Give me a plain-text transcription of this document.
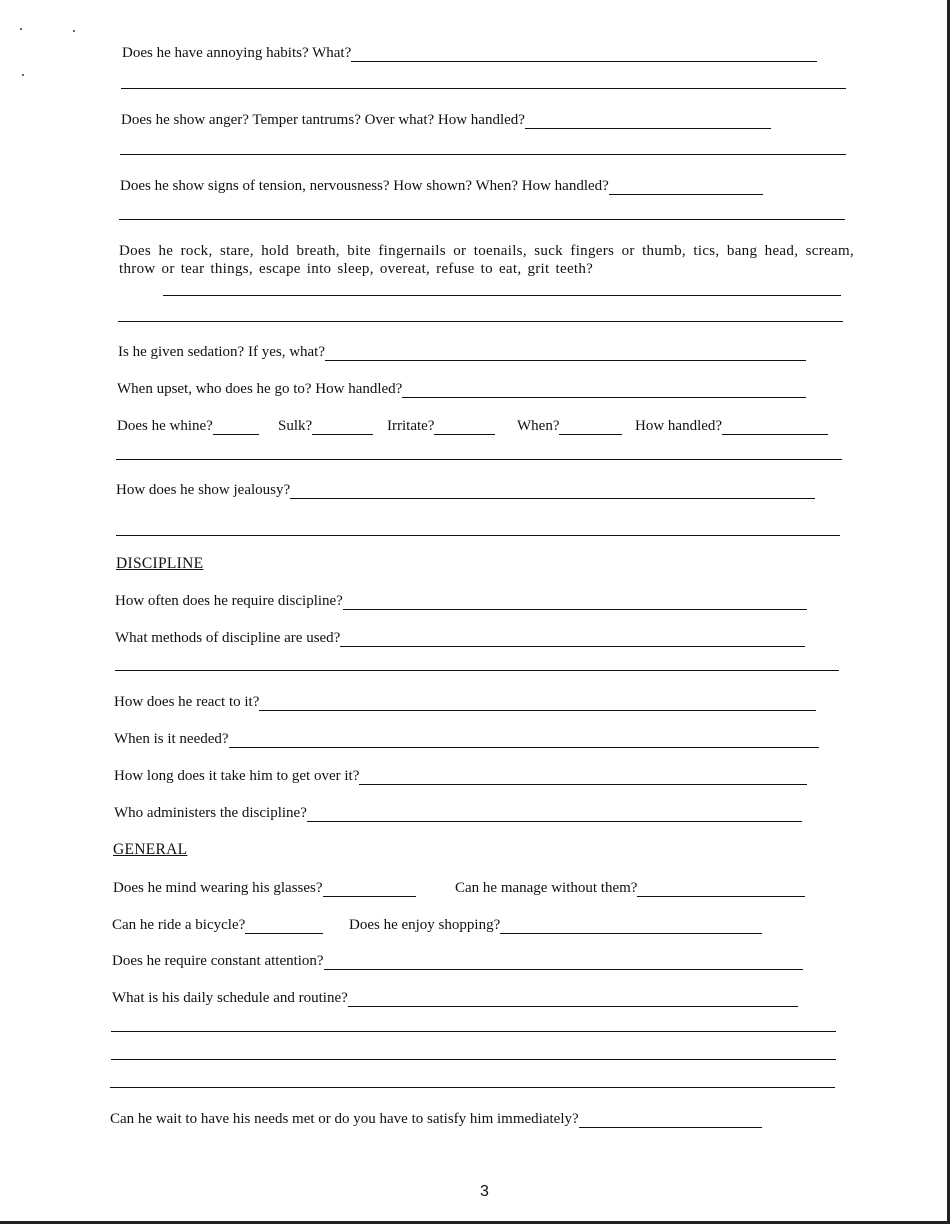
Does he have annoying habits? What?
Does he show anger? Temper tantrums? Over what? How handled?
Does he show signs of tension, nervousness? How shown? When? How handled?
Does he rock, stare, hold breath, bite fingernails or toenails, suck fingers or thumb, tics, bang head, scream, throw or tear things, escape into sleep, overeat, refuse to eat, grit teeth?
Is he given sedation? If yes, what?
When upset, who does he go to? How handled?
Does he whine?	Sulk?	Irritate?	When?	How handled?
How does he show jealousy?
DISCIPLINE
How often does he require discipline?
What methods of discipline are used?
How does he react to it?
When is it needed?
How long does it take him to get over it?
Who administers the discipline?
GENERAL
Does he mind wearing his glasses?	Can he manage without them?
Can he ride a bicycle?	Does he enjoy shopping?
Does he require constant attention?
What is his daily schedule and routine?
Can he wait to have his needs met or do you have to satisfy him immediately?
3
